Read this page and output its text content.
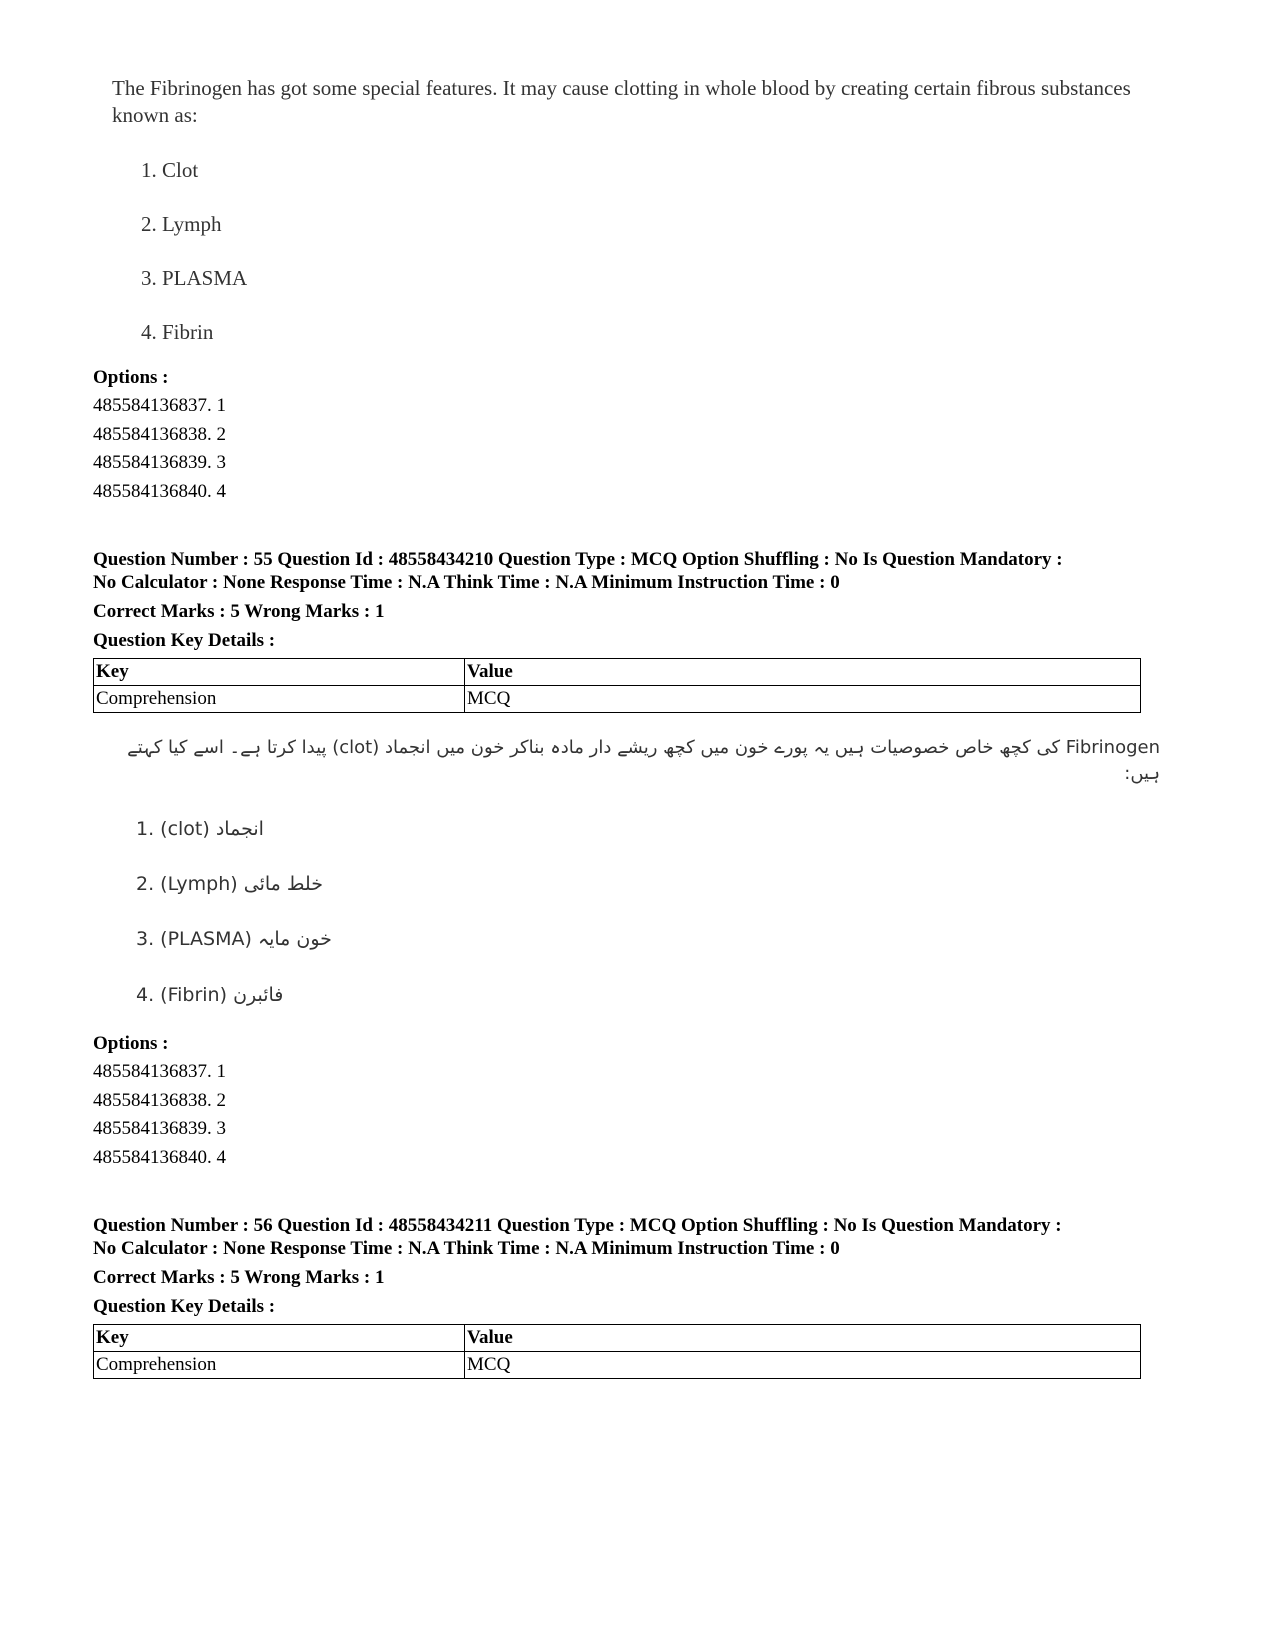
The Fibrinogen has got some special features. It may cause clotting in whole blood by creating certain fibrous substances known as:
1. Clot
2. Lymph
3. PLASMA
4. Fibrin
Options :
485584136837. 1
485584136838. 2
485584136839. 3
485584136840. 4
Question Number : 55 Question Id : 48558434210 Question Type : MCQ Option Shuffling : No Is Question Mandatory :
No Calculator : None Response Time : N.A Think Time : N.A Minimum Instruction Time : 0
Correct Marks : 5 Wrong Marks : 1
Question Key Details :
Key	Value
Comprehension	MCQ
Fibrinogen کی کچھ خاص خصوصیات ہیں یہ پورے خون میں کچھ ریشے دار مادہ بناکر خون میں انجماد (clot) پیدا کرتا ہے۔ اسے کیا کہتے ہیں:
1. (clot) انجماد
2. (Lymph) خلط مائی
3. (PLASMA) خون مایہ
4. (Fibrin) فائبرن
Options :
485584136837. 1
485584136838. 2
485584136839. 3
485584136840. 4
Question Number : 56 Question Id : 48558434211 Question Type : MCQ Option Shuffling : No Is Question Mandatory :
No Calculator : None Response Time : N.A Think Time : N.A Minimum Instruction Time : 0
Correct Marks : 5 Wrong Marks : 1
Question Key Details :
Key	Value
Comprehension	MCQ
